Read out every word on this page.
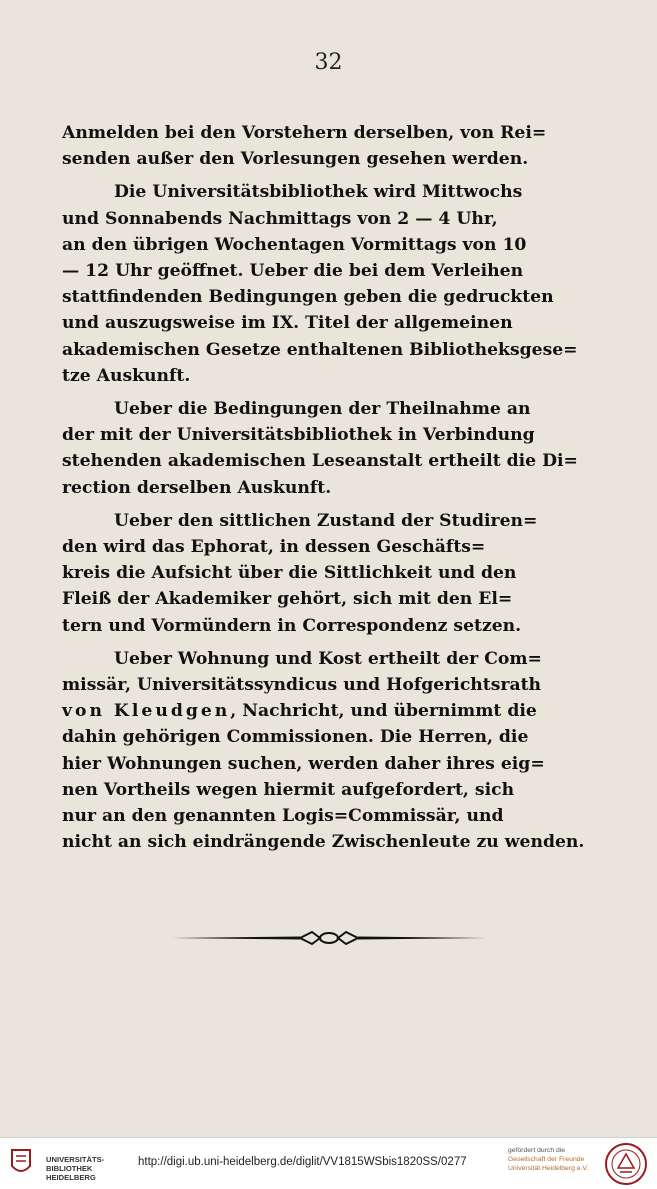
32

Anmelden bei den Vorstehern derselben, von Rei=
senden außer den Vorlesungen gesehen werden.

Die Universitätsbibliothek wird Mittwochs
und Sonnabends Nachmittags von 2 — 4 Uhr,
an den übrigen Wochentagen Vormittags von 10
— 12 Uhr geöffnet. Ueber die bei dem Verleihen
stattfindenden Bedingungen geben die gedruckten
und auszugsweise im IX. Titel der allgemeinen
akademischen Gesetze enthaltenen Bibliotheksgese=
tze Auskunft.

Ueber die Bedingungen der Theilnahme an
der mit der Universitätsbibliothek in Verbindung
stehenden akademischen Leseanstalt ertheilt die Di=
rection derselben Auskunft.

Ueber den sittlichen Zustand der Studiren=
den wird das Ephorat, in dessen Geschäfts=
kreis die Aufsicht über die Sittlichkeit und den
Fleiß der Akademiker gehört, sich mit den El=
tern und Vormündern in Correspondenz setzen.

Ueber Wohnung und Kost ertheilt der Com=
missär, Universitätssyndicus und Hofgerichtsrath
von Kleudgen, Nachricht, und übernimmt die
dahin gehörigen Commissionen. Die Herren, die
hier Wohnungen suchen, werden daher ihres eig=
nen Vortheils wegen hiermit aufgefordert, sich
nur an den genannten Logis=Commissär, und
nicht an sich eindrängende Zwischenleute zu wenden.

UNIVERSITÄTS-
BIBLIOTHEK
HEIDELBERG
http://digi.ub.uni-heidelberg.de/diglit/VV1815WSbis1820SS/0277
gefördert durch die
Gesellschaft der Freunde
Universität Heidelberg e.V.
